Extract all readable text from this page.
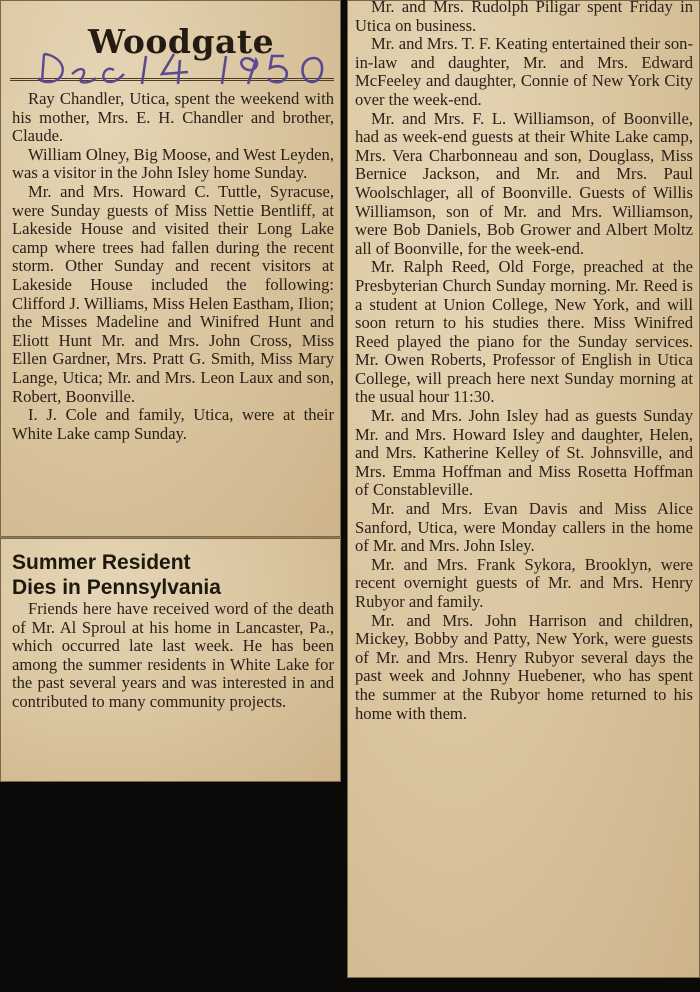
Woodgate

Ray Chandler, Utica, spent the weekend with his mother, Mrs. E. H. Chandler and brother, Claude.

William Olney, Big Moose, and West Leyden, was a visitor in the John Isley home Sunday.

Mr. and Mrs. Howard C. Tuttle, Syracuse, were Sunday guests of Miss Nettie Bentliff, at Lakeside House and visited their Long Lake camp where trees had fallen during the recent storm. Other Sunday and recent visitors at Lakeside House included the following: Clifford J. Williams, Miss Helen Eastham, Ilion; the Misses Madeline and Winifred Hunt and Eliott Hunt Mr. and Mrs. John Cross, Miss Ellen Gardner, Mrs. Pratt G. Smith, Miss Mary Lange, Utica; Mr. and Mrs. Leon Laux and son, Robert, Boonville.

I. J. Cole and family, Utica, were at their White Lake camp Sunday.

Summer Resident
Dies in Pennsylvania

Friends here have received word of the death of Mr. Al Sproul at his home in Lancaster, Pa., which occurred late last week. He has been among the summer residents in White Lake for the past several years and was interested in and contributed to many community projects.

Mr. and Mrs. Rudolph Piligar spent Friday in Utica on business.

Mr. and Mrs. T. F. Keating entertained their son-in-law and daughter, Mr. and Mrs. Edward McFeeley and daughter, Connie of New York City over the week-end.

Mr. and Mrs. F. L. Williamson, of Boonville, had as week-end guests at their White Lake camp, Mrs. Vera Charbonneau and son, Douglass, Miss Bernice Jackson, and Mr. and Mrs. Paul Woolschlager, all of Boonville. Guests of Willis Williamson, son of Mr. and Mrs. Williamson, were Bob Daniels, Bob Grower and Albert Moltz all of Boonville, for the week-end.

Mr. Ralph Reed, Old Forge, preached at the Presbyterian Church Sunday morning. Mr. Reed is a student at Union College, New York, and will soon return to his studies there. Miss Winifred Reed played the piano for the Sunday services. Mr. Owen Roberts, Professor of English in Utica College, will preach here next Sunday morning at the usual hour 11:30.

Mr. and Mrs. John Isley had as guests Sunday Mr. and Mrs. Howard Isley and daughter, Helen, and Mrs. Katherine Kelley of St. Johnsville, and Mrs. Emma Hoffman and Miss Rosetta Hoffman of Constableville.

Mr. and Mrs. Evan Davis and Miss Alice Sanford, Utica, were Monday callers in the home of Mr. and Mrs. John Isley.

Mr. and Mrs. Frank Sykora, Brooklyn, were recent overnight guests of Mr. and Mrs. Henry Rubyor and family.

Mr. and Mrs. John Harrison and children, Mickey, Bobby and Patty, New York, were guests of Mr. and Mrs. Henry Rubyor several days the past week and Johnny Huebener, who has spent the summer at the Rubyor home returned to his home with them.
